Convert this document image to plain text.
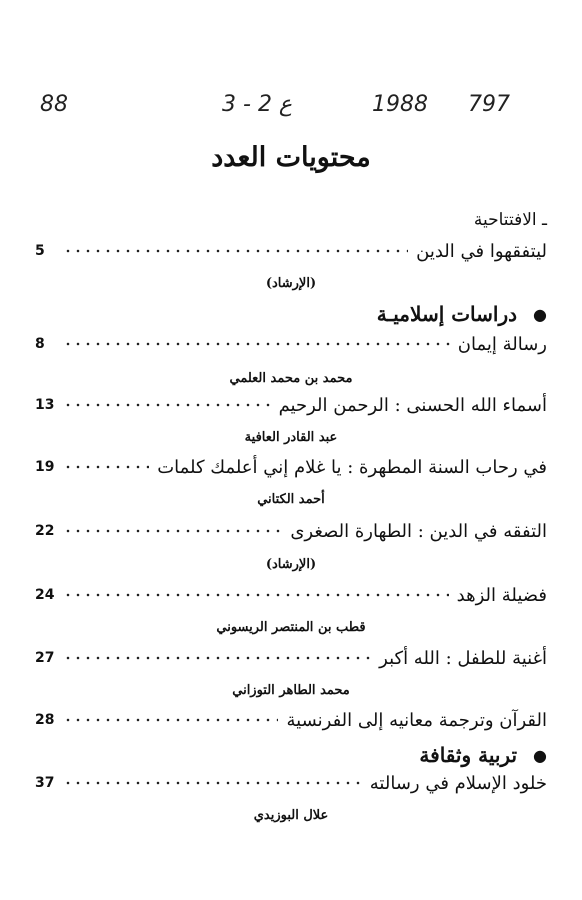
797
1988
ع 2 - 3
88
محتويات العدد
ـ الافتتاحية
ليتفقهوا في الدين
5
(الإرشاد)
●
دراسات إسلاميـة
رسالة إيمان
8
محمد بن محمد العلمي
أسماء الله الحسنى : الرحمن الرحيم
13
عبد القادر العافية
في رحاب السنة المطهرة : يا غلام إني أعلمك كلمات
19
أحمد الكتاني
التفقه في الدين : الطهارة الصغرى
22
(الإرشاد)
فضيلة الزهد
24
قطب بن المنتصر الريسوني
أغنية للطفل : الله أكبر
27
محمد الطاهر التوزاني
القرآن وترجمة معانيه إلى الفرنسية
28
●
تربية وثقافة
خلود الإسلام في رسالته
37
علال البوزيدي
